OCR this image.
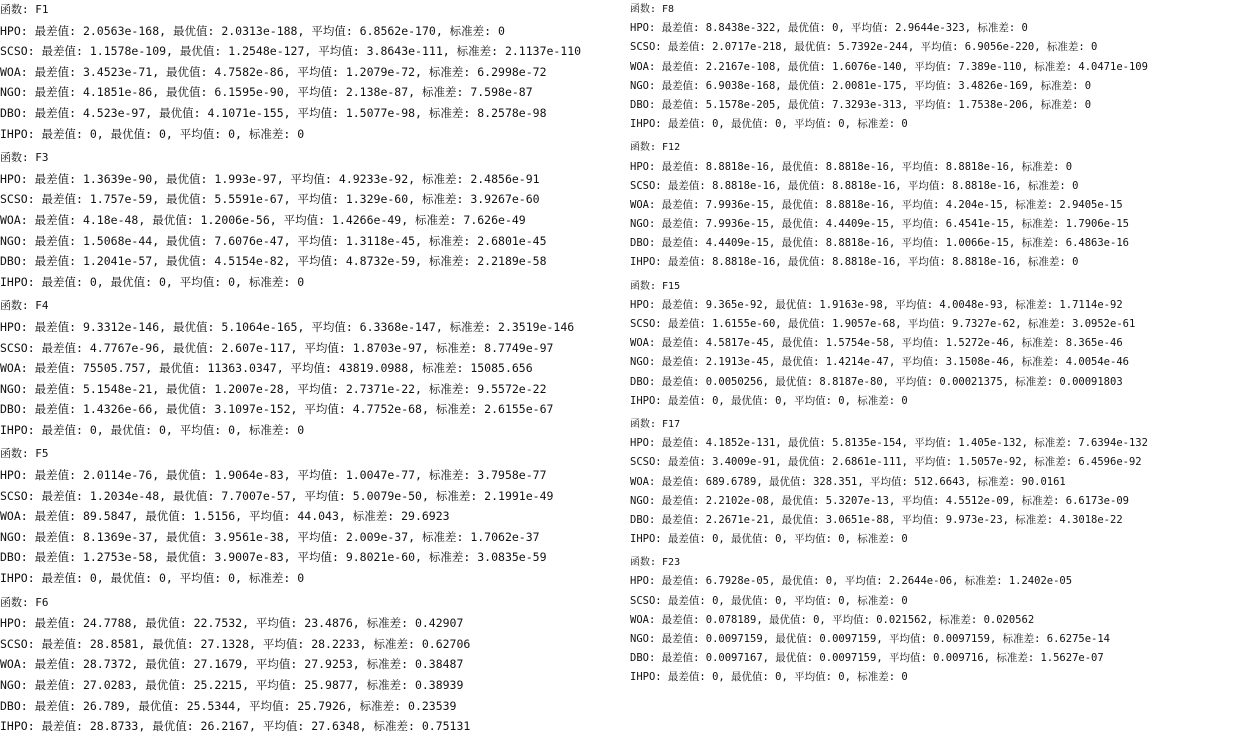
函数: F1
HPO: 最差值: 2.0563e-168, 最优值: 2.0313e-188, 平均值: 6.8562e-170, 标准差: 0
SCSO: 最差值: 1.1578e-109, 最优值: 1.2548e-127, 平均值: 3.8643e-111, 标准差: 2.1137e-110
WOA: 最差值: 3.4523e-71, 最优值: 4.7582e-86, 平均值: 1.2079e-72, 标准差: 6.2998e-72
NGO: 最差值: 4.1851e-86, 最优值: 6.1595e-90, 平均值: 2.138e-87, 标准差: 7.598e-87
DBO: 最差值: 4.523e-97, 最优值: 4.1071e-155, 平均值: 1.5077e-98, 标准差: 8.2578e-98
IHPO: 最差值: 0, 最优值: 0, 平均值: 0, 标准差: 0
函数: F3
HPO: 最差值: 1.3639e-90, 最优值: 1.993e-97, 平均值: 4.9233e-92, 标准差: 2.4856e-91
SCSO: 最差值: 1.757e-59, 最优值: 5.5591e-67, 平均值: 1.329e-60, 标准差: 3.9267e-60
WOA: 最差值: 4.18e-48, 最优值: 1.2006e-56, 平均值: 1.4266e-49, 标准差: 7.626e-49
NGO: 最差值: 1.5068e-44, 最优值: 7.6076e-47, 平均值: 1.3118e-45, 标准差: 2.6801e-45
DBO: 最差值: 1.2041e-57, 最优值: 4.5154e-82, 平均值: 4.8732e-59, 标准差: 2.2189e-58
IHPO: 最差值: 0, 最优值: 0, 平均值: 0, 标准差: 0
函数: F4
HPO: 最差值: 9.3312e-146, 最优值: 5.1064e-165, 平均值: 6.3368e-147, 标准差: 2.3519e-146
SCSO: 最差值: 4.7767e-96, 最优值: 2.607e-117, 平均值: 1.8703e-97, 标准差: 8.7749e-97
WOA: 最差值: 75505.757, 最优值: 11363.0347, 平均值: 43819.0988, 标准差: 15085.656
NGO: 最差值: 5.1548e-21, 最优值: 1.2007e-28, 平均值: 2.7371e-22, 标准差: 9.5572e-22
DBO: 最差值: 1.4326e-66, 最优值: 3.1097e-152, 平均值: 4.7752e-68, 标准差: 2.6155e-67
IHPO: 最差值: 0, 最优值: 0, 平均值: 0, 标准差: 0
函数: F5
HPO: 最差值: 2.0114e-76, 最优值: 1.9064e-83, 平均值: 1.0047e-77, 标准差: 3.7958e-77
SCSO: 最差值: 1.2034e-48, 最优值: 7.7007e-57, 平均值: 5.0079e-50, 标准差: 2.1991e-49
WOA: 最差值: 89.5847, 最优值: 1.5156, 平均值: 44.043, 标准差: 29.6923
NGO: 最差值: 8.1369e-37, 最优值: 3.9561e-38, 平均值: 2.009e-37, 标准差: 1.7062e-37
DBO: 最差值: 1.2753e-58, 最优值: 3.9007e-83, 平均值: 9.8021e-60, 标准差: 3.0835e-59
IHPO: 最差值: 0, 最优值: 0, 平均值: 0, 标准差: 0
函数: F6
HPO: 最差值: 24.7788, 最优值: 22.7532, 平均值: 23.4876, 标准差: 0.42907
SCSO: 最差值: 28.8581, 最优值: 27.1328, 平均值: 28.2233, 标准差: 0.62706
WOA: 最差值: 28.7372, 最优值: 27.1679, 平均值: 27.9253, 标准差: 0.38487
NGO: 最差值: 27.0283, 最优值: 25.2215, 平均值: 25.9877, 标准差: 0.38939
DBO: 最差值: 26.789, 最优值: 25.5344, 平均值: 25.7926, 标准差: 0.23539
IHPO: 最差值: 28.8733, 最优值: 26.2167, 平均值: 27.6348, 标准差: 0.75131
函数: F8
HPO: 最差值: 8.8438e-322, 最优值: 0, 平均值: 2.9644e-323, 标准差: 0
SCSO: 最差值: 2.0717e-218, 最优值: 5.7392e-244, 平均值: 6.9056e-220, 标准差: 0
WOA: 最差值: 2.2167e-108, 最优值: 1.6076e-140, 平均值: 7.389e-110, 标准差: 4.0471e-109
NGO: 最差值: 6.9038e-168, 最优值: 2.0081e-175, 平均值: 3.4826e-169, 标准差: 0
DBO: 最差值: 5.1578e-205, 最优值: 7.3293e-313, 平均值: 1.7538e-206, 标准差: 0
IHPO: 最差值: 0, 最优值: 0, 平均值: 0, 标准差: 0
函数: F12
HPO: 最差值: 8.8818e-16, 最优值: 8.8818e-16, 平均值: 8.8818e-16, 标准差: 0
SCSO: 最差值: 8.8818e-16, 最优值: 8.8818e-16, 平均值: 8.8818e-16, 标准差: 0
WOA: 最差值: 7.9936e-15, 最优值: 8.8818e-16, 平均值: 4.204e-15, 标准差: 2.9405e-15
NGO: 最差值: 7.9936e-15, 最优值: 4.4409e-15, 平均值: 6.4541e-15, 标准差: 1.7906e-15
DBO: 最差值: 4.4409e-15, 最优值: 8.8818e-16, 平均值: 1.0066e-15, 标准差: 6.4863e-16
IHPO: 最差值: 8.8818e-16, 最优值: 8.8818e-16, 平均值: 8.8818e-16, 标准差: 0
函数: F15
HPO: 最差值: 9.365e-92, 最优值: 1.9163e-98, 平均值: 4.0048e-93, 标准差: 1.7114e-92
SCSO: 最差值: 1.6155e-60, 最优值: 1.9057e-68, 平均值: 9.7327e-62, 标准差: 3.0952e-61
WOA: 最差值: 4.5817e-45, 最优值: 1.5754e-58, 平均值: 1.5272e-46, 标准差: 8.365e-46
NGO: 最差值: 2.1913e-45, 最优值: 1.4214e-47, 平均值: 3.1508e-46, 标准差: 4.0054e-46
DBO: 最差值: 0.0050256, 最优值: 8.8187e-80, 平均值: 0.00021375, 标准差: 0.00091803
IHPO: 最差值: 0, 最优值: 0, 平均值: 0, 标准差: 0
函数: F17
HPO: 最差值: 4.1852e-131, 最优值: 5.8135e-154, 平均值: 1.405e-132, 标准差: 7.6394e-132
SCSO: 最差值: 3.4009e-91, 最优值: 2.6861e-111, 平均值: 1.5057e-92, 标准差: 6.4596e-92
WOA: 最差值: 689.6789, 最优值: 328.351, 平均值: 512.6643, 标准差: 90.0161
NGO: 最差值: 2.2102e-08, 最优值: 5.3207e-13, 平均值: 4.5512e-09, 标准差: 6.6173e-09
DBO: 最差值: 2.2671e-21, 最优值: 3.0651e-88, 平均值: 9.973e-23, 标准差: 4.3018e-22
IHPO: 最差值: 0, 最优值: 0, 平均值: 0, 标准差: 0
函数: F23
HPO: 最差值: 6.7928e-05, 最优值: 0, 平均值: 2.2644e-06, 标准差: 1.2402e-05
SCSO: 最差值: 0, 最优值: 0, 平均值: 0, 标准差: 0
WOA: 最差值: 0.078189, 最优值: 0, 平均值: 0.021562, 标准差: 0.020562
NGO: 最差值: 0.0097159, 最优值: 0.0097159, 平均值: 0.0097159, 标准差: 6.6275e-14
DBO: 最差值: 0.0097167, 最优值: 0.0097159, 平均值: 0.009716, 标准差: 1.5627e-07
IHPO: 最差值: 0, 最优值: 0, 平均值: 0, 标准差: 0
